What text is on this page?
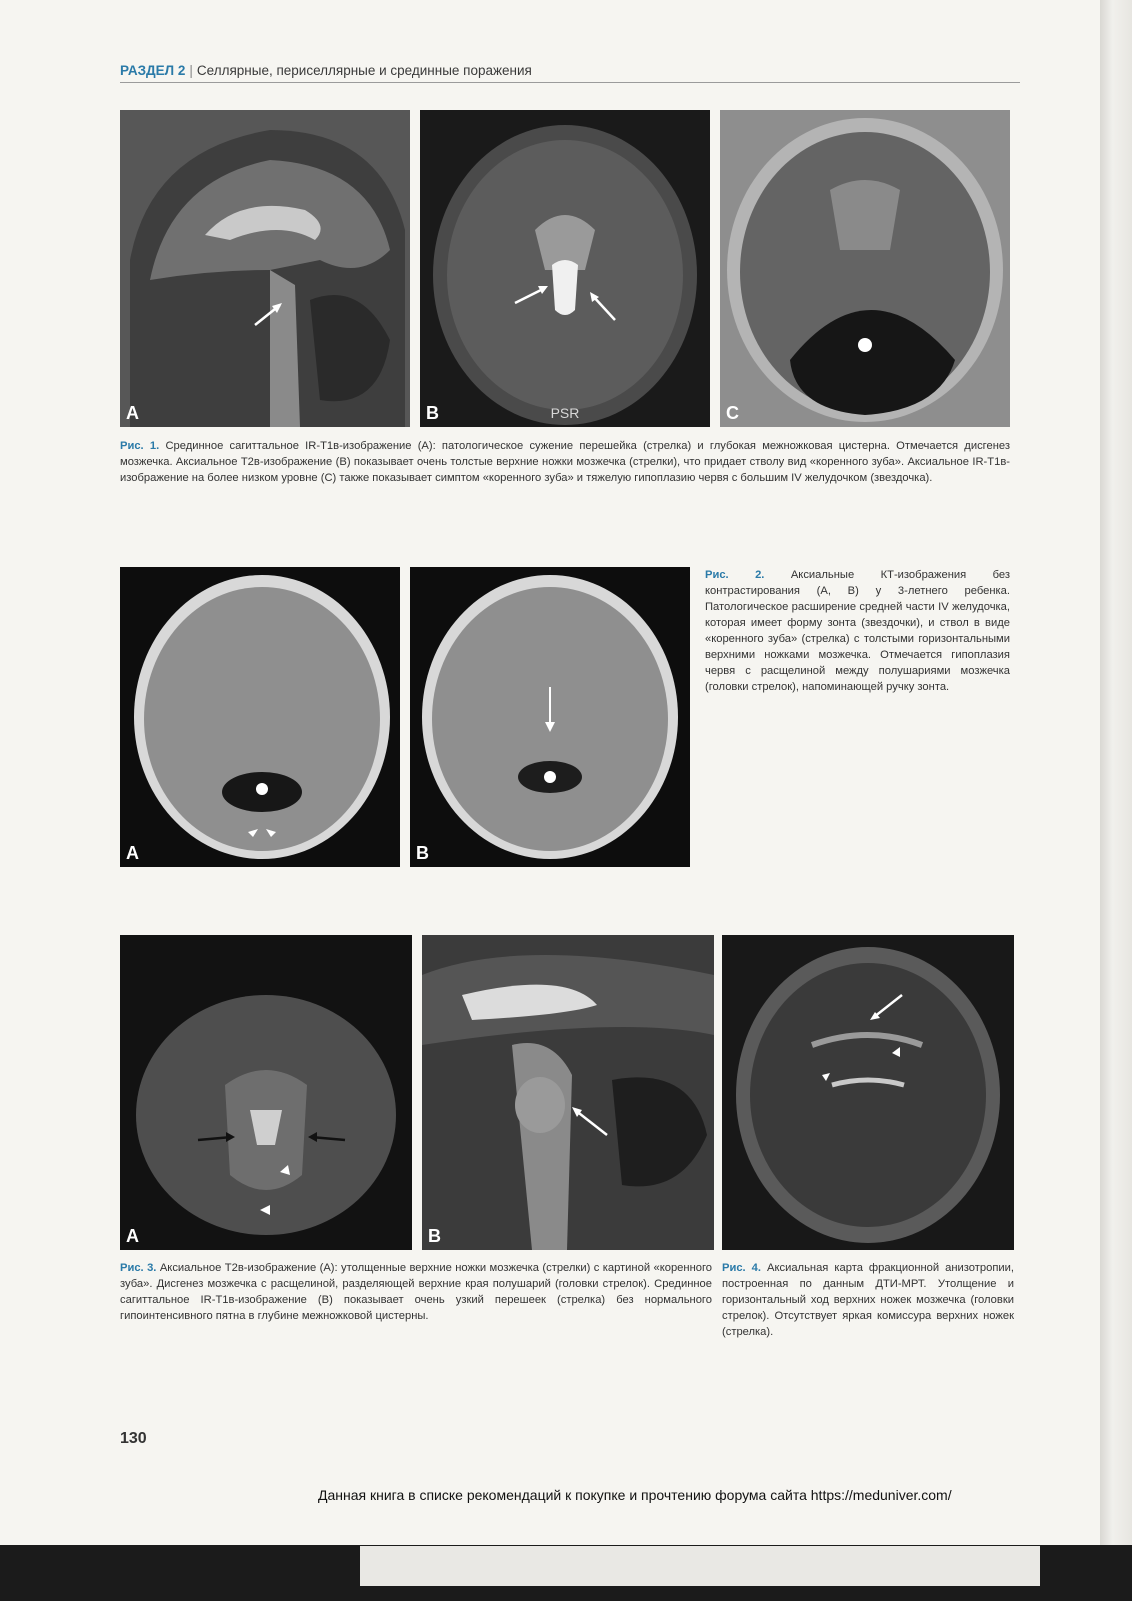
РАЗДЕЛ 2 | Селлярные, периселлярные и срединные поражения
A	B	PSR	C
Рис. 1. Срединное сагиттальное IR-T1в-изображение (А): патологическое сужение перешейка (стрелка) и глубокая межножковая цистерна. Отмечается дисгенез мозжечка. Аксиальное Т2в-изображение (В) показывает очень толстые верхние ножки мозжечка (стрелки), что придает стволу вид «коренного зуба». Аксиальное IR-T1в-изображение на более низком уровне (С) также показывает симптом «коренного зуба» и тяжелую гипоплазию червя с большим IV желудочком (звездочка).
A	B
Рис. 2. Аксиальные КТ-изображения без контрастирования (А, В) у 3-летнего ребенка. Патологическое расширение средней части IV желудочка, которая имеет форму зонта (звездочки), и ствол в виде «коренного зуба» (стрелка) с толстыми горизонтальными верхними ножками мозжечка. Отмечается гипоплазия червя с расщелиной между полушариями мозжечка (головки стрелок), напоминающей ручку зонта.
A	B
Рис. 3. Аксиальное Т2в-изображение (А): утолщенные верхние ножки мозжечка (стрелки) с картиной «коренного зуба». Дисгенез мозжечка с расщелиной, разделяющей верхние края полушарий (головки стрелок). Срединное сагиттальное IR-T1в-изображение (В) показывает очень узкий перешеек (стрелка) без нормального гипоинтенсивного пятна в глубине межножковой цистерны.
Рис. 4. Аксиальная карта фракционной анизотропии, построенная по данным ДТИ-МРТ. Утолщение и горизонтальный ход верхних ножек мозжечка (головки стрелок). Отсутствует яркая комиссура верхних ножек (стрелка).
130
Данная книга в списке рекомендаций к покупке и прочтению форума сайта https://meduniver.com/
